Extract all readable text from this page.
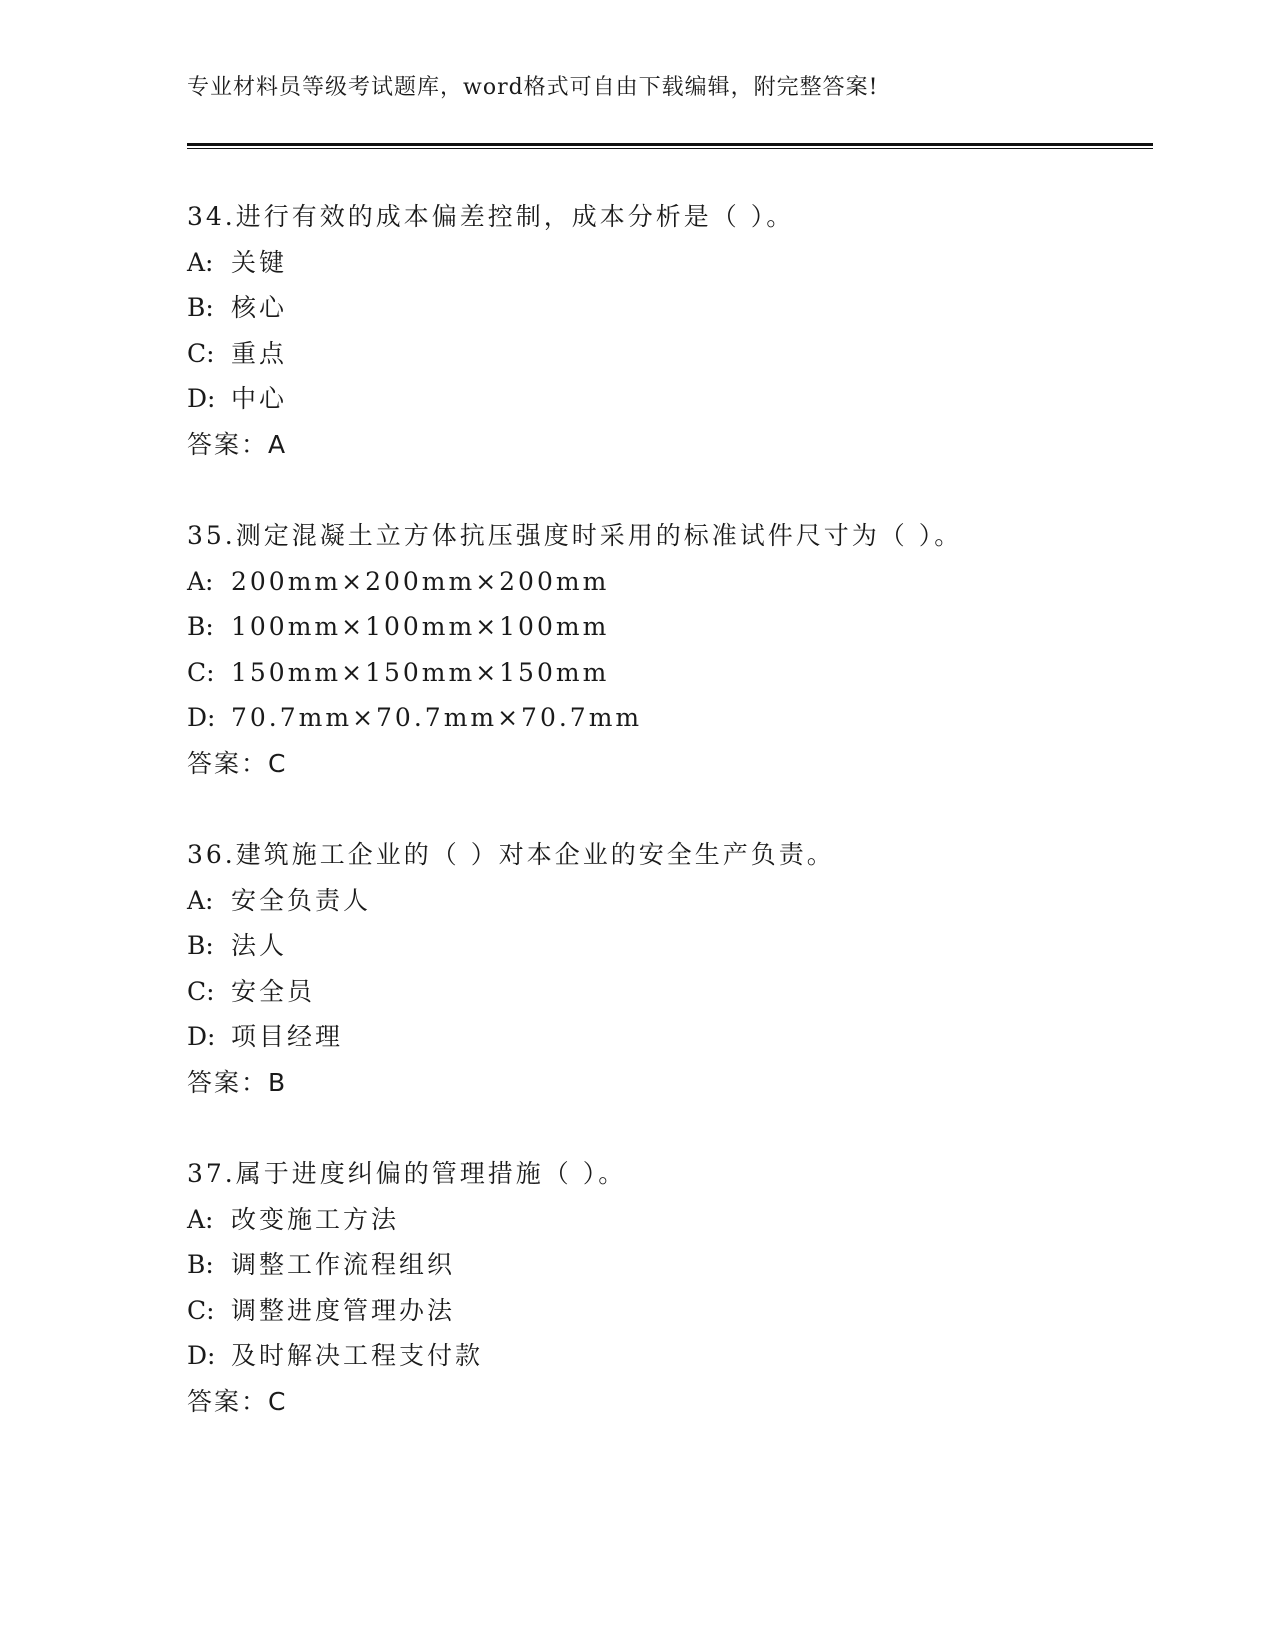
专业材料员等级考试题库，word格式可自由下载编辑，附完整答案!
34.进行有效的成本偏差控制，成本分析是（ ）。
A: 关键
B: 核心
C: 重点
D: 中心
答案：A
35.测定混凝土立方体抗压强度时采用的标准试件尺寸为（ ）。
A: 200mm×200mm×200mm
B: 100mm×100mm×100mm
C: 150mm×150mm×150mm
D: 70.7mm×70.7mm×70.7mm
答案：C
36.建筑施工企业的（ ）对本企业的安全生产负责。
A: 安全负责人
B: 法人
C: 安全员
D: 项目经理
答案：B
37.属于进度纠偏的管理措施（ ）。
A: 改变施工方法
B: 调整工作流程组织
C: 调整进度管理办法
D: 及时解决工程支付款
答案：C
